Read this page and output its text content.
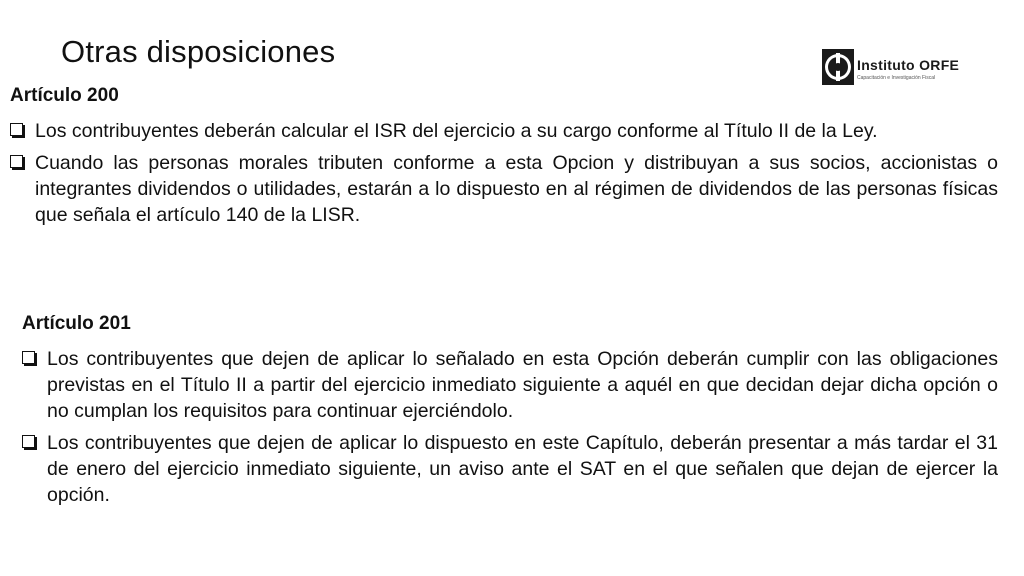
Otras disposiciones	Instituto ORFE
Capacitación e Investigación Fiscal
Artículo 200
Los contribuyentes deberán calcular el ISR del ejercicio a su cargo conforme al Título II de la Ley.
Cuando las personas morales tributen conforme a esta Opcion y distribuyan a sus socios, accionistas o integrantes dividendos o utilidades, estarán a lo dispuesto en al régimen de dividendos de las personas físicas que señala el artículo 140 de la LISR.
Artículo 201
Los contribuyentes que dejen de aplicar lo señalado en esta Opción deberán cumplir con las obligaciones previstas en el Título II a partir del ejercicio inmediato siguiente a aquél en que decidan dejar dicha opción o no cumplan los requisitos para continuar ejerciéndolo.
Los contribuyentes que dejen de aplicar lo dispuesto en este Capítulo, deberán presentar a más tardar el 31 de enero del ejercicio inmediato siguiente, un aviso ante el SAT en el que señalen que dejan de ejercer la opción.
